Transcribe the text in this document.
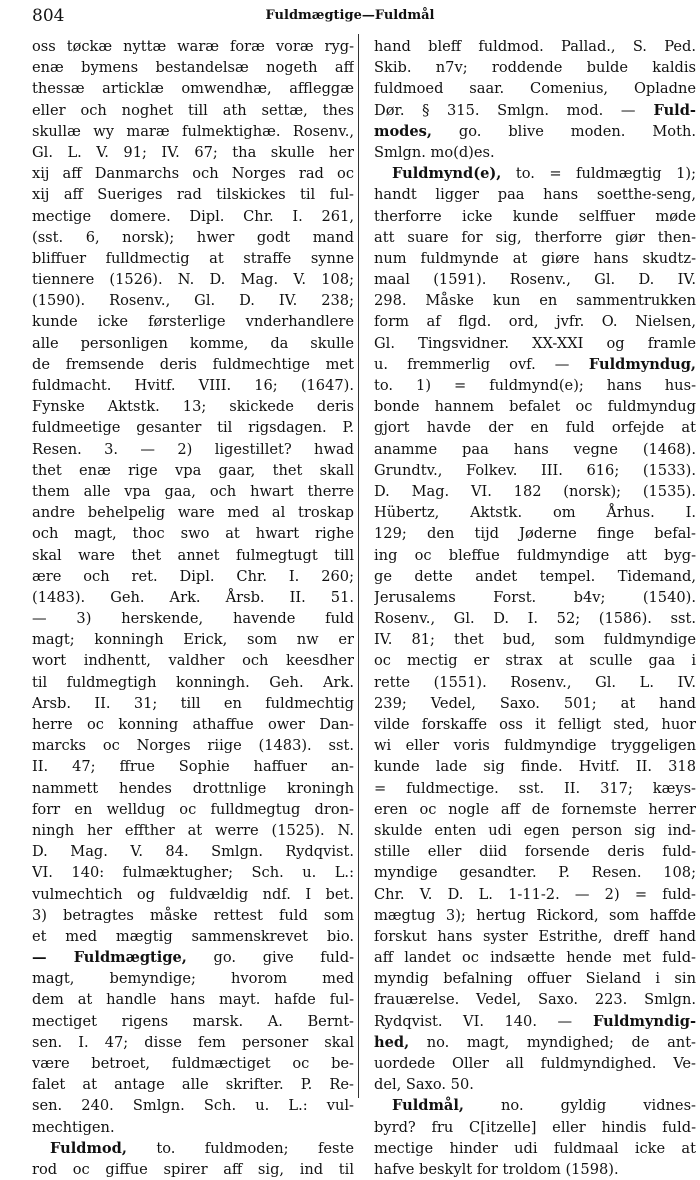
804	Fuldmægtige—Fuldmål
oss tøckæ nyttæ waræ foræ voræ ryg-
enæ bymens bestandelsæ nogeth aff
thessæ articklæ omwendhæ, affleggæ
eller och noghet till ath settæ, thes
skullæ wy maræ fulmektighæ. Rosenv.,
Gl. L. V. 91; IV. 67; tha skulle her
xij aff Danmarchs och Norges rad oc
xij aff Sueriges rad tilskickes til ful-
mectige domere. Dipl. Chr. I. 261,
(sst. 6, norsk); hwer godt mand
bliffuer fulldmectig at straffe synne
tiennere (1526). N. D. Mag. V. 108;
(1590). Rosenv., Gl. D. IV. 238;
kunde icke førsterlige vnderhandlere
alle personligen komme, da skulle
de fremsende deris fuldmechtige met
fuldmacht. Hvitf. VIII. 16; (1647).
Fynske Aktstk. 13; skickede deris
fuldmeetige gesanter til rigsdagen. P.
Resen. 3. — 2) ligestillet? hwad
thet enæ rige vpa gaar, thet skall
them alle vpa gaa, och hwart therre
andre behelpelig ware med al troskap
och magt, thoc swo at hwart righe
skal ware thet annet fulmegtugt till
ære och ret. Dipl. Chr. I. 260;
(1483). Geh. Ark. Årsb. II. 51.
— 3) herskende, havende fuld
magt; konningh Erick, som nw er
wort indhentt, valdher och keesdher
til fuldmegtigh konningh. Geh. Ark.
Arsb. II. 31; till en fuldmechtig
herre oc konning athaffue ower Dan-
marcks oc Norges riige (1483). sst.
II. 47; ffrue Sophie haffuer an-
nammett hendes drottnlige kroningh
forr en welldug oc fulldmegtug dron-
ningh her effther at werre (1525). N.
D. Mag. V. 84. Smlgn. Rydqvist.
VI. 140: fulmæktugher; Sch. u. L.:
vulmechtich og fuldvældig ndf. I bet.
3) betragtes måske rettest fuld som
et med mægtig sammenskrevet bio.
— Fuldmægtige, go. give fuld-
magt, bemyndige; hvorom med
dem at handle hans mayt. hafde ful-
mectiget rigens marsk. A. Bernt-
sen. I. 47; disse fem personer skal
være betroet, fuldmæctiget oc be-
falet at antage alle skrifter. P. Re-
sen. 240. Smlgn. Sch. u. L.: vul-
mechtigen.
Fuldmod, to. fuldmoden; feste
rod oc giffue spirer aff sig, ind til
hand bleff fuldmod. Pallad., S. Ped.
Skib. n7v; roddende bulde kaldis
fuldmoed saar. Comenius, Opladne
Dør. § 315. Smlgn. mod. — Fuld-
modes, go. blive moden. Moth.
Smlgn. mo(d)es.
Fuldmynd(e), to. = fuldmægtig 1);
handt ligger paa hans soetthe-seng,
therforre icke kunde selffuer møde
att suare for sig, therforre giør then-
num fuldmynde at giøre hans skudtz-
maal (1591). Rosenv., Gl. D. IV.
298. Måske kun en sammentrukken
form af flgd. ord, jvfr. O. Nielsen,
Gl. Tingsvidner. XX-XXI og framle
u. fremmerlig ovf. — Fuldmyndug,
to. 1) = fuldmynd(e); hans hus-
bonde hannem befalet oc fuldmyndug
gjort havde der en fuld orfejde at
anamme paa hans vegne (1468).
Grundtv., Folkev. III. 616; (1533).
D. Mag. VI. 182 (norsk); (1535).
Hübertz, Aktstk. om Århus. I.
129; den tijd Jøderne finge befal-
ing oc bleffue fuldmyndige att byg-
ge dette andet tempel. Tidemand,
Jerusalems Forst. b4v; (1540).
Rosenv., Gl. D. I. 52; (1586). sst.
IV. 81; thet bud, som fuldmyndige
oc mectig er strax at sculle gaa i
rette (1551). Rosenv., Gl. L. IV.
239; Vedel, Saxo. 501; at hand
vilde forskaffe oss it felligt sted, huor
wi eller voris fuldmyndige tryggeligen
kunde lade sig finde. Hvitf. II. 318
= fuldmectige. sst. II. 317; kæys-
eren oc nogle aff de fornemste herrer
skulde enten udi egen person sig ind-
stille eller diid forsende deris fuld-
myndige gesandter. P. Resen. 108;
Chr. V. D. L. 1-11-2. — 2) = fuld-
mægtug 3); hertug Rickord, som haffde
forskut hans syster Estrithe, dreff hand
aff landet oc indsætte hende met fuld-
myndig befalning offuer Sieland i sin
frauærelse. Vedel, Saxo. 223. Smlgn.
Rydqvist. VI. 140. — Fuldmyndig-
hed, no. magt, myndighed; de ant-
uordede Oller all fuldmyndighed. Ve-
del, Saxo. 50.
Fuldmål, no. gyldig vidnes-
byrd? fru C[itzelle] eller hindis fuld-
mectige hinder udi fuldmaal icke at
hafve beskylt for troldom (1598).
